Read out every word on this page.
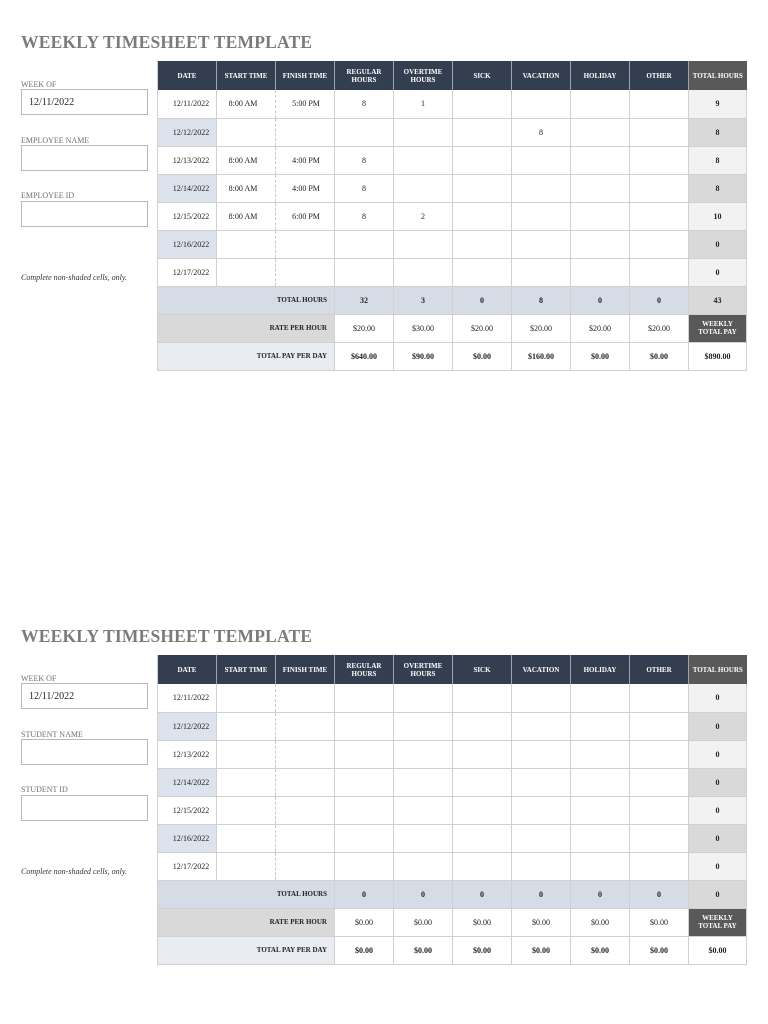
WEEKLY TIMESHEET TEMPLATE
WEEK OF
12/11/2022
EMPLOYEE NAME
EMPLOYEE ID
Complete non-shaded cells, only.
DATE	START TIME	FINISH TIME	REGULAR HOURS	OVERTIME HOURS	SICK	VACATION	HOLIDAY	OTHER	TOTAL HOURS
12/11/2022	8:00 AM	5:00 PM	8	1					9
12/12/2022						8			8
12/13/2022	8:00 AM	4:00 PM	8						8
12/14/2022	8:00 AM	4:00 PM	8						8
12/15/2022	8:00 AM	6:00 PM	8	2					10
12/16/2022									0
12/17/2022									0
TOTAL HOURS			32	3	0	8	0	0	43
RATE PER HOUR			$20.00	$30.00	$20.00	$20.00	$20.00	$20.00	WEEKLY TOTAL PAY
TOTAL PAY PER DAY			$640.00	$90.00	$0.00	$160.00	$0.00	$0.00	$890.00
WEEKLY TIMESHEET TEMPLATE
WEEK OF
12/11/2022
STUDENT NAME
STUDENT ID
Complete non-shaded cells, only.
DATE	START TIME	FINISH TIME	REGULAR HOURS	OVERTIME HOURS	SICK	VACATION	HOLIDAY	OTHER	TOTAL HOURS
12/11/2022									0
12/12/2022									0
12/13/2022									0
12/14/2022									0
12/15/2022									0
12/16/2022									0
12/17/2022									0
TOTAL HOURS			0	0	0	0	0	0	0
RATE PER HOUR			$0.00	$0.00	$0.00	$0.00	$0.00	$0.00	WEEKLY TOTAL PAY
TOTAL PAY PER DAY			$0.00	$0.00	$0.00	$0.00	$0.00	$0.00	$0.00
